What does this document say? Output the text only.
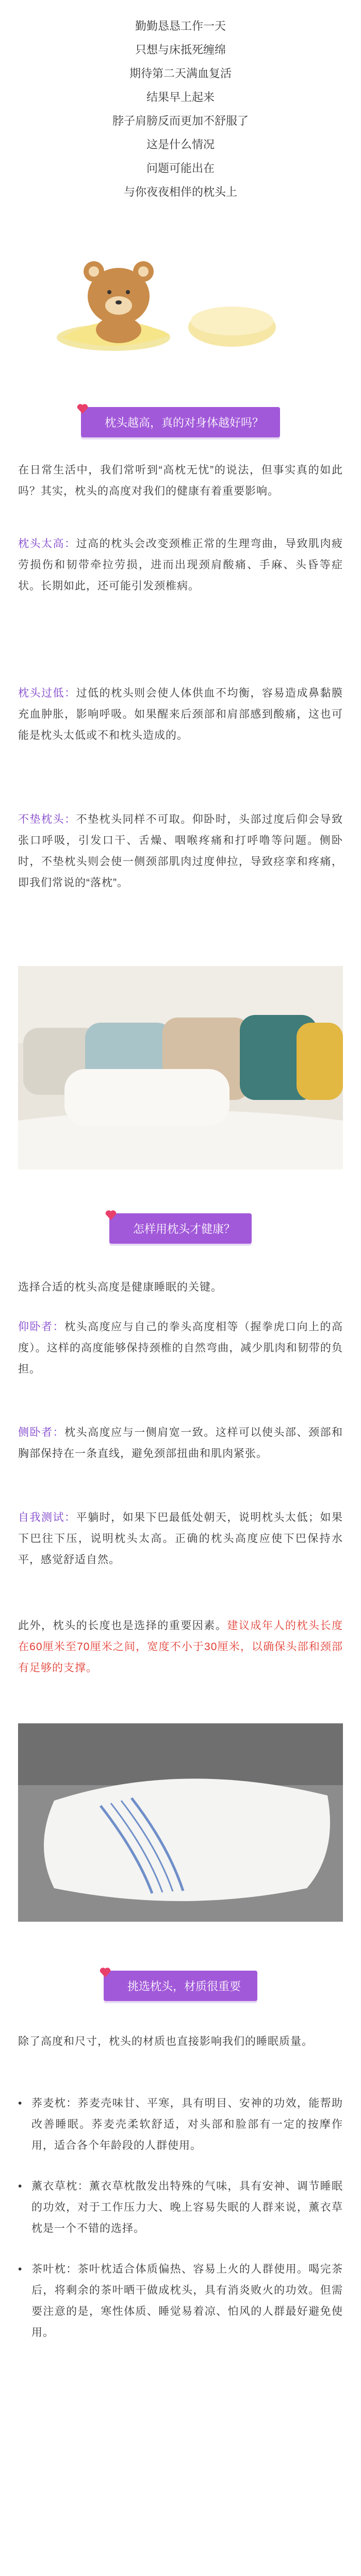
勤勤恳恳工作一天
只想与床抵死缠绵
期待第二天满血复活
结果早上起来
脖子肩膀反而更加不舒服了
这是什么情况
问题可能出在
与你夜夜相伴的枕头上
枕头越高，真的对身体越好吗？
在日常生活中，我们常听到“高枕无忧”的说法，但事实真的如此吗？其实，枕头的高度对我们的健康有着重要影响。
枕头太高：过高的枕头会改变颈椎正常的生理弯曲，导致肌肉疲劳损伤和韧带牵拉劳损，进而出现颈肩酸痛、手麻、头昏等症状。长期如此，还可能引发颈椎病。
枕头过低：过低的枕头则会使人体供血不均衡，容易造成鼻黏膜充血肿胀，影响呼吸。如果醒来后颈部和肩部感到酸痛，这也可能是枕头太低或不和枕头造成的。
不垫枕头：不垫枕头同样不可取。仰卧时，头部过度后仰会导致张口呼吸，引发口干、舌燥、咽喉疼痛和打呼噜等问题。侧卧时，不垫枕头则会使一侧颈部肌肉过度伸拉，导致痉挛和疼痛，即我们常说的“落枕”。
怎样用枕头才健康？
选择合适的枕头高度是健康睡眠的关键。
仰卧者：枕头高度应与自己的拳头高度相等（握拳虎口向上的高度）。这样的高度能够保持颈椎的自然弯曲，减少肌肉和韧带的负担。
侧卧者：枕头高度应与一侧肩宽一致。这样可以使头部、颈部和胸部保持在一条直线，避免颈部扭曲和肌肉紧张。
自我测试：平躺时，如果下巴最低处朝天，说明枕头太低；如果下巴往下压，说明枕头太高。正确的枕头高度应使下巴保持水平，感觉舒适自然。
此外，枕头的长度也是选择的重要因素。建议成年人的枕头长度在60厘米至70厘米之间，宽度不小于30厘米，以确保头部和颈部有足够的支撑。
挑选枕头，材质很重要
除了高度和尺寸，枕头的材质也直接影响我们的睡眠质量。
• 荞麦枕：荞麦壳味甘、平寒，具有明目、安神的功效，能帮助改善睡眠。荞麦壳柔软舒适，对头部和脸部有一定的按摩作用，适合各个年龄段的人群使用。
• 薰衣草枕：薰衣草枕散发出特殊的气味，具有安神、调节睡眠的功效，对于工作压力大、晚上容易失眠的人群来说，薰衣草枕是一个不错的选择。
• 茶叶枕：茶叶枕适合体质偏热、容易上火的人群使用。喝完茶后，将剩余的茶叶晒干做成枕头，具有消炎败火的功效。但需要注意的是，寒性体质、睡觉易着凉、怕风的人群最好避免使用。
